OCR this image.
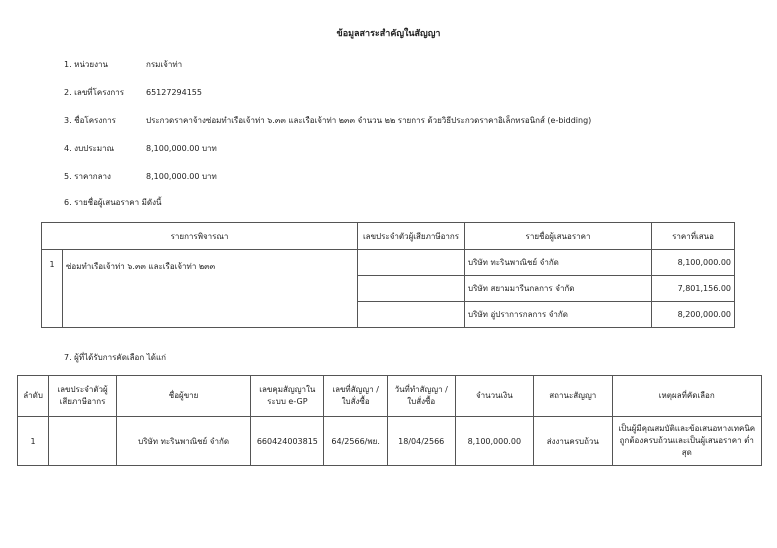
ข้อมูลสาระสำคัญในสัญญา
1. หน่วยงาน	กรมเจ้าท่า
2. เลขที่โครงการ	65127294155
3. ชื่อโครงการ	ประกวดราคาจ้างซ่อมทำเรือเจ้าท่า ๖.๓๓ และเรือเจ้าท่า ๒๓๓ จำนวน ๒๒ รายการ ด้วยวิธีประกวดราคาอิเล็กทรอนิกส์ (e-bidding)
4. งบประมาณ	8,100,000.00 บาท
5. ราคากลาง	8,100,000.00 บาท
6. รายชื่อผู้เสนอราคา มีดังนี้
รายการพิจารณา		เลขประจำตัวผู้เสียภาษีอากร	รายชื่อผู้เสนอราคา	ราคาที่เสนอ
1	ซ่อมทำเรือเจ้าท่า ๖.๓๓ และเรือเจ้าท่า ๒๓๓		บริษัท ทะรินพาณิชย์ จำกัด	8,100,000.00
			บริษัท สยามมารีนกลการ จำกัด	7,801,156.00
			บริษัท อู่ปราการกลการ จำกัด	8,200,000.00
7. ผู้ที่ได้รับการคัดเลือก ได้แก่
ลำดับ	เลขประจำตัวผู้เสียภาษีอากร	ชื่อผู้ขาย	เลขคุมสัญญาในระบบ e-GP	เลขที่สัญญา / ใบสั่งซื้อ	วันที่ทำสัญญา / ใบสั่งซื้อ	จำนวนเงิน	สถานะสัญญา	เหตุผลที่คัดเลือก
1		บริษัท ทะรินพาณิชย์ จำกัด	660424003815	64/2566/พย.	18/04/2566	8,100,000.00	ส่งงานครบถ้วน	เป็นผู้มีคุณสมบัติและข้อเสนอทางเทคนิคถูกต้องครบถ้วนและเป็นผู้เสนอราคา ต่ำสุด
